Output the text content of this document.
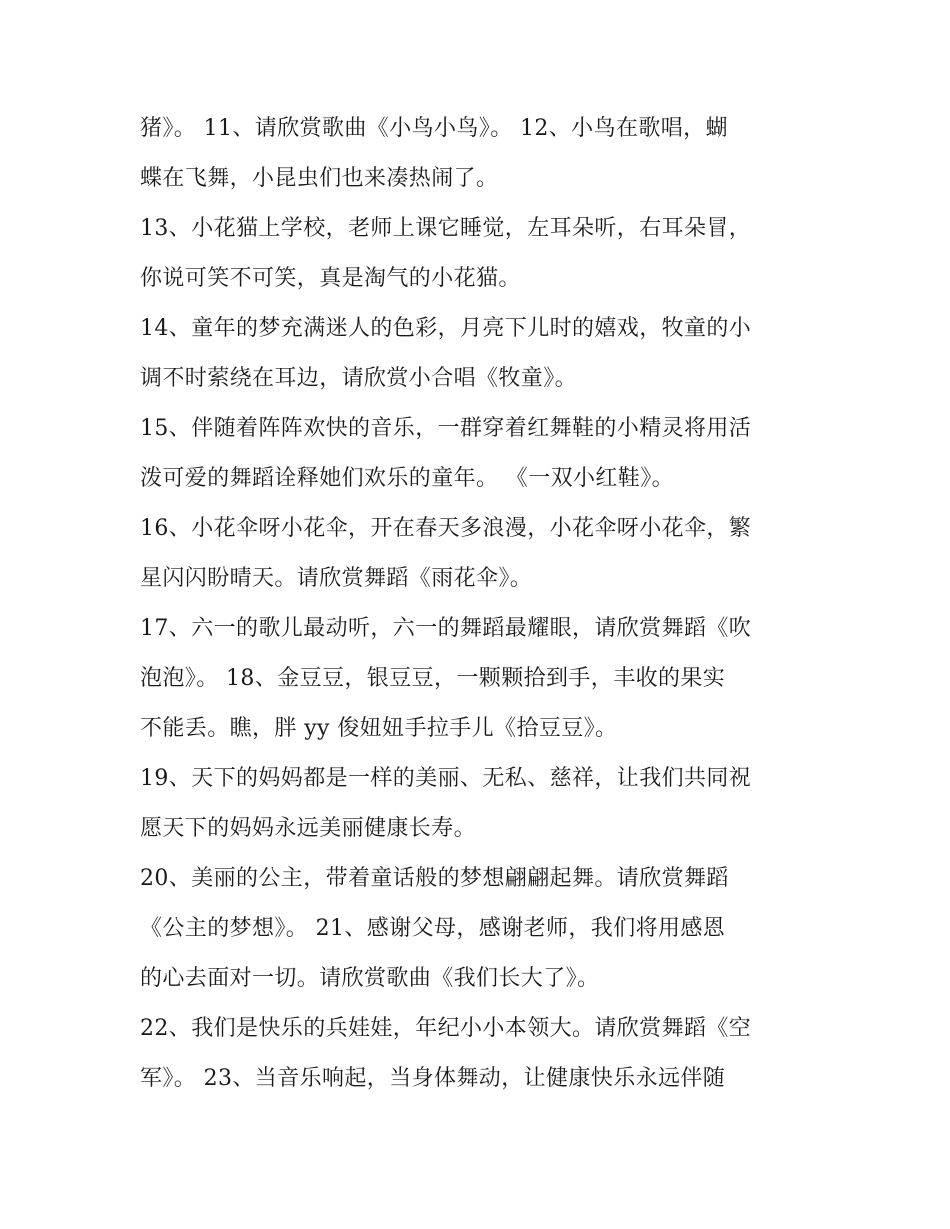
猪》。 11、请欣赏歌曲《小鸟小鸟》。 12、小鸟在歌唱，蝴
蝶在飞舞，小昆虫们也来凑热闹了。
13、小花猫上学校，老师上课它睡觉，左耳朵听，右耳朵冒，
你说可笑不可笑，真是淘气的小花猫。
14、童年的梦充满迷人的色彩，月亮下儿时的嬉戏，牧童的小
调不时萦绕在耳边，请欣赏小合唱《牧童》。
15、伴随着阵阵欢快的音乐，一群穿着红舞鞋的小精灵将用活
泼可爱的舞蹈诠释她们欢乐的童年。 《一双小红鞋》。
16、小花伞呀小花伞，开在春天多浪漫，小花伞呀小花伞，繁
星闪闪盼晴天。请欣赏舞蹈《雨花伞》。
17、六一的歌儿最动听，六一的舞蹈最耀眼，请欣赏舞蹈《吹
泡泡》。 18、金豆豆，银豆豆，一颗颗拾到手，丰收的果实
不能丢。瞧，胖 yy 俊妞妞手拉手儿《拾豆豆》。
19、天下的妈妈都是一样的美丽、无私、慈祥，让我们共同祝
愿天下的妈妈永远美丽健康长寿。
20、美丽的公主，带着童话般的梦想翩翩起舞。请欣赏舞蹈
《公主的梦想》。 21、感谢父母，感谢老师，我们将用感恩
的心去面对一切。请欣赏歌曲《我们长大了》。
22、我们是快乐的兵娃娃，年纪小小本领大。请欣赏舞蹈《空
军》。 23、当音乐响起，当身体舞动，让健康快乐永远伴随
